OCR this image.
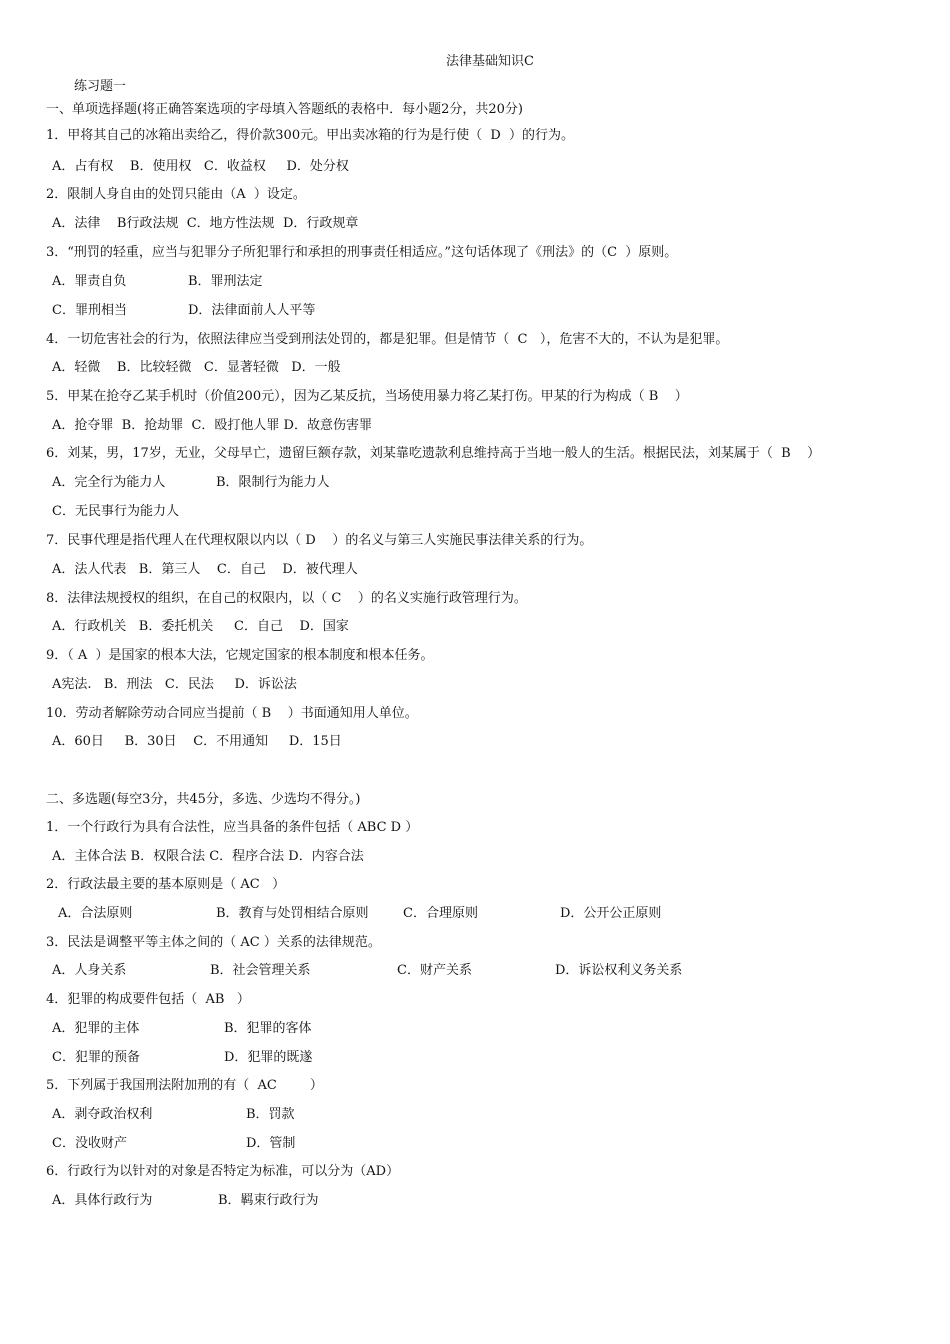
法律基础知识C
练习题一
一、单项选择题(将正确答案选项的字母填入答题纸的表格中．每小题2分，共20分)
1．甲将其自己的冰箱出卖给乙，得价款300元。甲出卖冰箱的行为是行使（  D  ）的行为。
A．占有权    B．使用权   C．收益权     D．处分权
2．限制人身自由的处罚只能由（A  ）设定。
A．法律    B行政法规  C．地方性法规  D．行政规章
3．“刑罚的轻重，应当与犯罪分子所犯罪行和承担的刑事责任相适应。”这句话体现了《刑法》的（C  ）原则。
A．罪责自负	B．罪刑法定
C．罪刑相当	D．法律面前人人平等
4．一切危害社会的行为，依照法律应当受到刑法处罚的，都是犯罪。但是情节（  C   ），危害不大的，不认为是犯罪。
A．轻微    B．比较轻微   C．显著轻微   D．一般
5．甲某在抢夺乙某手机时（价值200元），因为乙某反抗，当场使用暴力将乙某打伤。甲某的行为构成（ B    ）
A．抢夺罪  B．抢劫罪  C．殴打他人罪 D．故意伤害罪
6．刘某，男，17岁，无业，父母早亡，遗留巨额存款，刘某靠吃遗款利息维持高于当地一般人的生活。根据民法，刘某属于（  B    ）
A．完全行为能力人	B．限制行为能力人
C．无民事行为能力人
7．民事代理是指代理人在代理权限以内以（ D    ）的名义与第三人实施民事法律关系的行为。
A．法人代表   B．第三人    C．自己    D．被代理人
8．法律法规授权的组织，在自己的权限内，以（ C    ）的名义实施行政管理行为。
A．行政机关   B．委托机关     C．自己    D．国家
9．（ A  ）是国家的根本大法，它规定国家的根本制度和根本任务。
A宪法.   B．刑法   C．民法     D．诉讼法
10．劳动者解除劳动合同应当提前（ B    ）书面通知用人单位。
A．60日     B．30日    C．不用通知     D．15日
二、多选题(每空3分，共45分，多选、少选均不得分。)
1．一个行政行为具有合法性，应当具备的条件包括（ ABC D ）
A．主体合法 B．权限合法 C．程序合法 D．内容合法
2．行政法最主要的基本原则是（ AC   ）
A．合法原则	B．教育与处罚相结合原则	C．合理原则	D．公开公正原则
3．民法是调整平等主体之间的（ AC ）关系的法律规范。
A．人身关系	B．社会管理关系	C．财产关系	D．诉讼权利义务关系
4．犯罪的构成要件包括（  AB   ）
A．犯罪的主体	B．犯罪的客体
C．犯罪的预备	D．犯罪的既遂
5．下列属于我国刑法附加刑的有（  AC        ）
A．剥夺政治权利	B．罚款
C．没收财产	D．管制
6．行政行为以针对的对象是否特定为标准，可以分为（AD）
A．具体行政行为	B．羁束行政行为
